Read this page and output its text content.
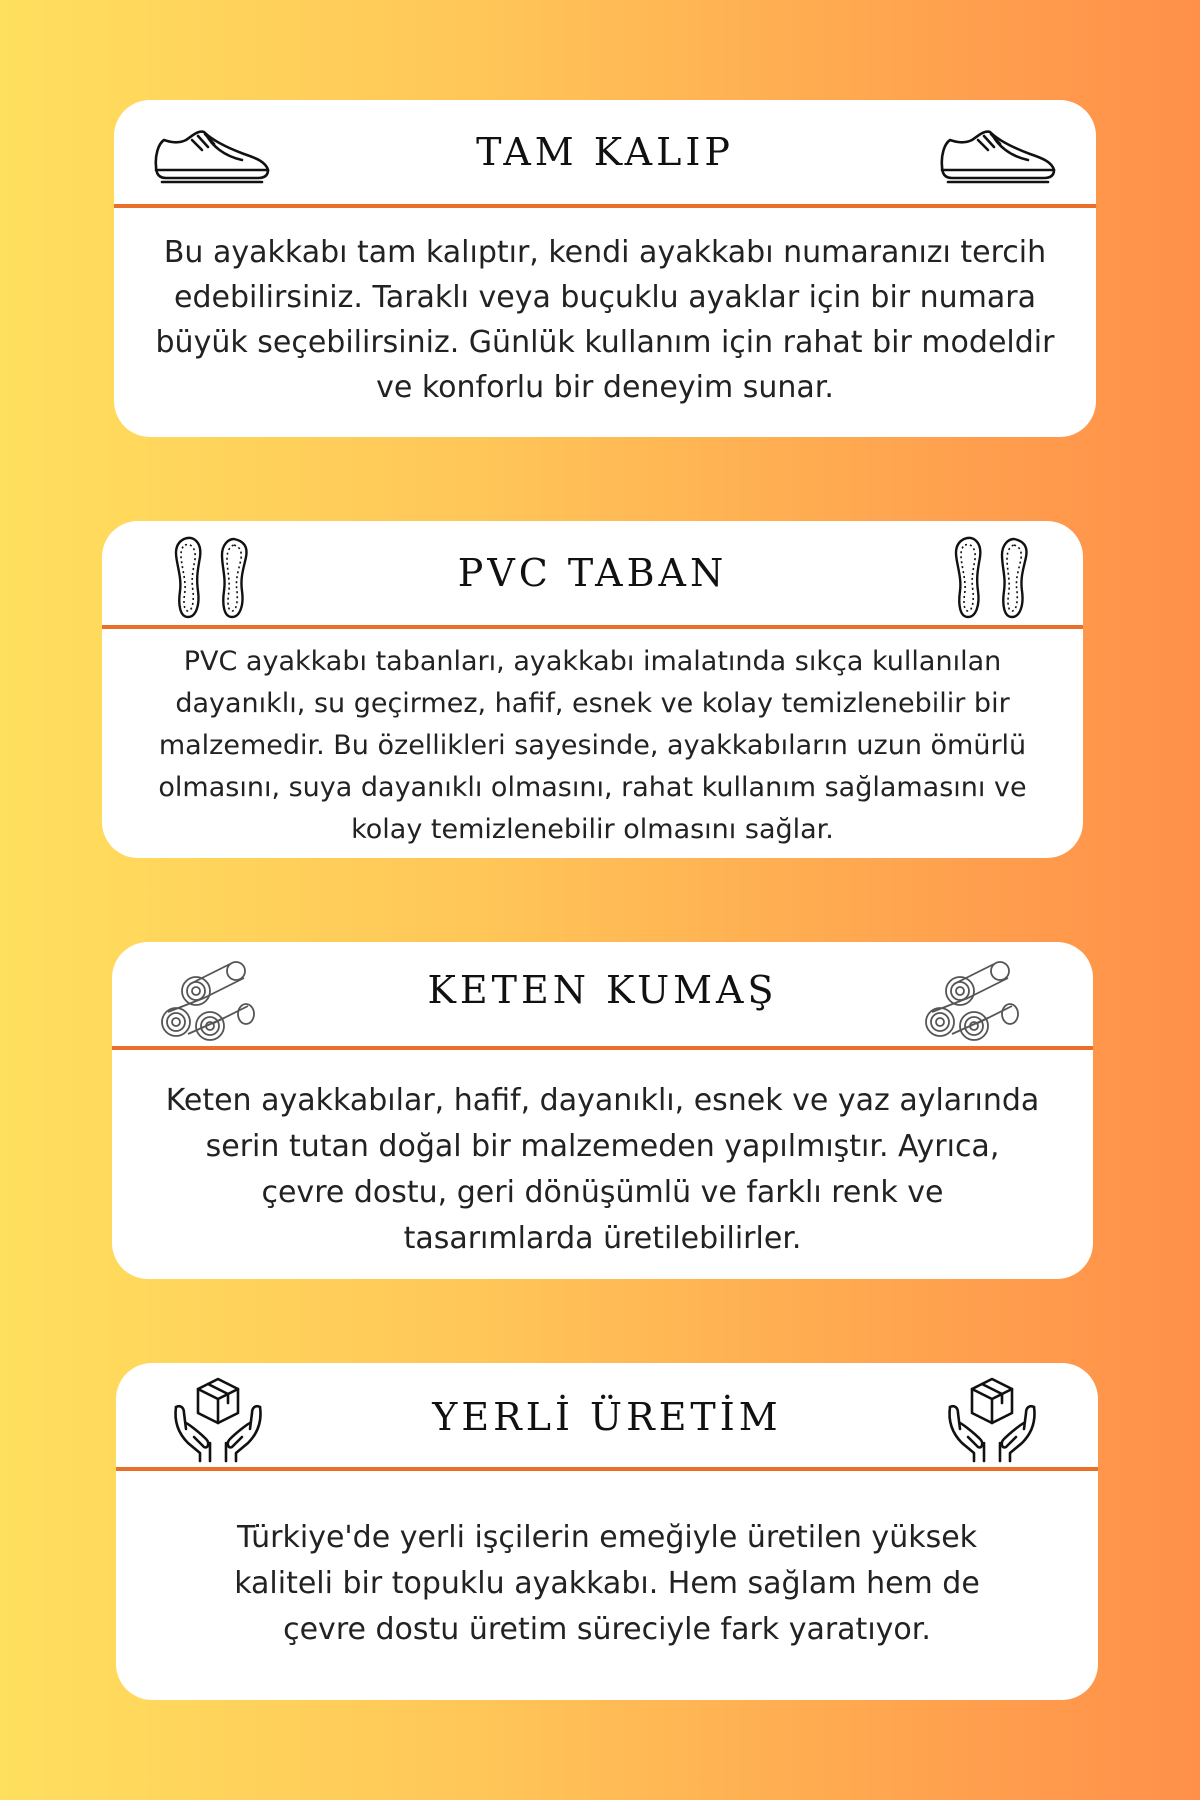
TAM KALIP

Bu ayakkabı tam kalıptır, kendi ayakkabı numaranızı tercih edebilirsiniz. Taraklı veya buçuklu ayaklar için bir numara büyük seçebilirsiniz. Günlük kullanım için rahat bir modeldir ve konforlu bir deneyim sunar.

PVC TABAN

PVC ayakkabı tabanları, ayakkabı imalatında sıkça kullanılan dayanıklı, su geçirmez, hafif, esnek ve kolay temizlenebilir bir malzemedir. Bu özellikleri sayesinde, ayakkabıların uzun ömürlü olmasını, suya dayanıklı olmasını, rahat kullanım sağlamasını ve kolay temizlenebilir olmasını sağlar.

KETEN KUMAŞ

Keten ayakkabılar, hafif, dayanıklı, esnek ve yaz aylarında serin tutan doğal bir malzemeden yapılmıştır. Ayrıca, çevre dostu, geri dönüşümlü ve farklı renk ve tasarımlarda üretilebilirler.

YERLİ ÜRETİM

Türkiye'de yerli işçilerin emeğiyle üretilen yüksek kaliteli bir topuklu ayakkabı. Hem sağlam hem de çevre dostu üretim süreciyle fark yaratıyor.
